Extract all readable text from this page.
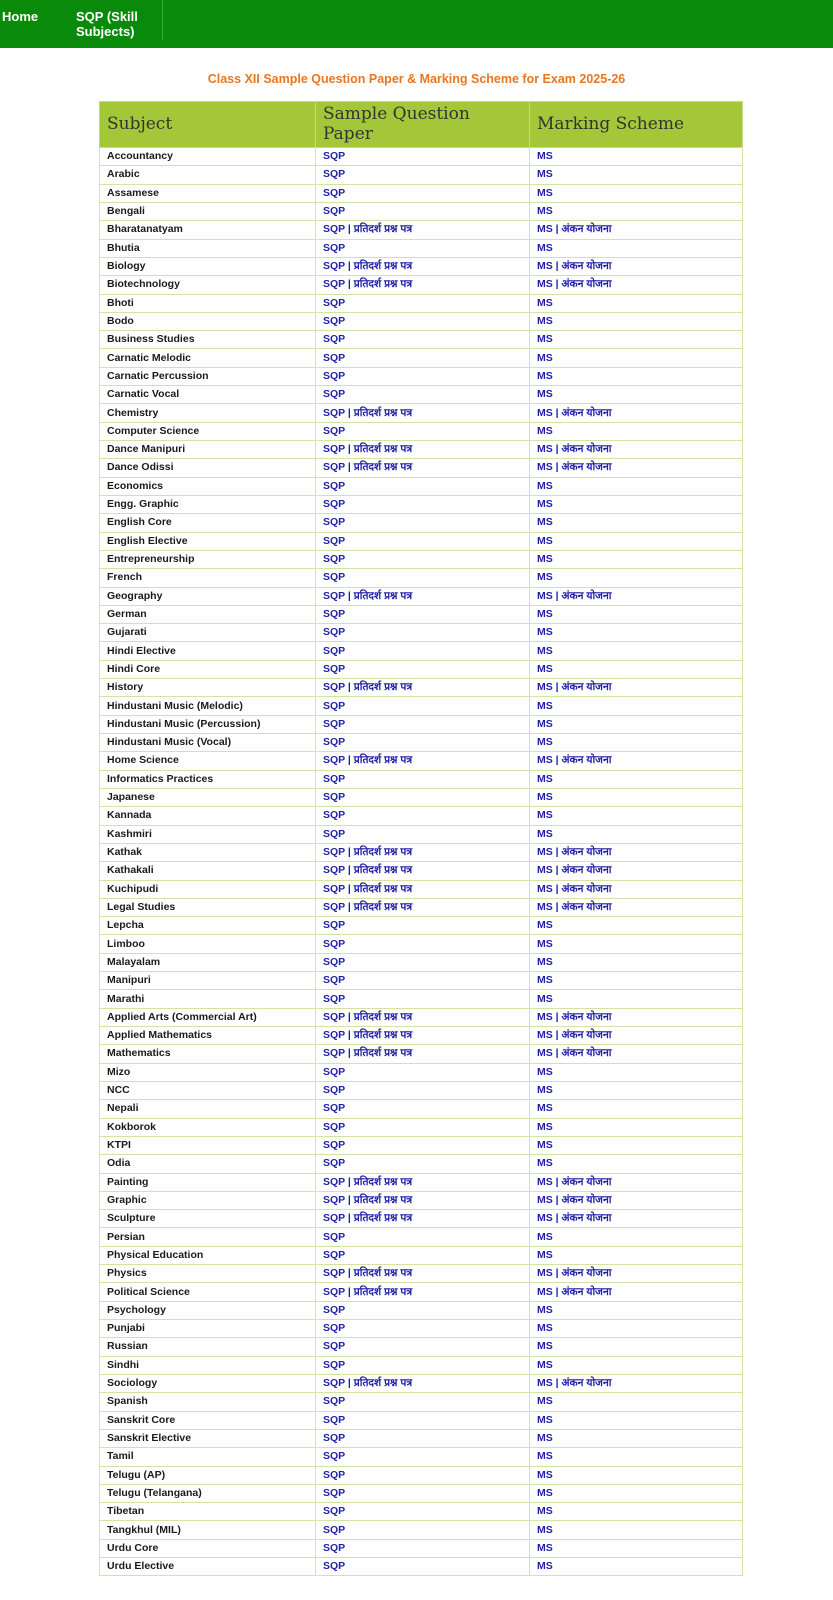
Home	SQP (Skill Subjects)
Class XII Sample Question Paper & Marking Scheme for Exam 2025-26
Subject	Sample Question Paper	Marking Scheme
Accountancy	SQP	MS
Arabic	SQP	MS
Assamese	SQP	MS
Bengali	SQP	MS
Bharatanatyam	SQP | प्रतिदर्श प्रश्न पत्र	MS | अंकन योजना
Bhutia	SQP	MS
Biology	SQP | प्रतिदर्श प्रश्न पत्र	MS | अंकन योजना
Biotechnology	SQP | प्रतिदर्श प्रश्न पत्र	MS | अंकन योजना
Bhoti	SQP	MS
Bodo	SQP	MS
Business Studies	SQP	MS
Carnatic Melodic	SQP	MS
Carnatic Percussion	SQP	MS
Carnatic Vocal	SQP	MS
Chemistry	SQP | प्रतिदर्श प्रश्न पत्र	MS | अंकन योजना
Computer Science	SQP	MS
Dance Manipuri	SQP | प्रतिदर्श प्रश्न पत्र	MS | अंकन योजना
Dance Odissi	SQP | प्रतिदर्श प्रश्न पत्र	MS | अंकन योजना
Economics	SQP	MS
Engg. Graphic	SQP	MS
English Core	SQP	MS
English Elective	SQP	MS
Entrepreneurship	SQP	MS
French	SQP	MS
Geography	SQP | प्रतिदर्श प्रश्न पत्र	MS | अंकन योजना
German	SQP	MS
Gujarati	SQP	MS
Hindi Elective	SQP	MS
Hindi Core	SQP	MS
History	SQP | प्रतिदर्श प्रश्न पत्र	MS | अंकन योजना
Hindustani Music (Melodic)	SQP	MS
Hindustani Music (Percussion)	SQP	MS
Hindustani Music (Vocal)	SQP	MS
Home Science	SQP | प्रतिदर्श प्रश्न पत्र	MS | अंकन योजना
Informatics Practices	SQP	MS
Japanese	SQP	MS
Kannada	SQP	MS
Kashmiri	SQP	MS
Kathak	SQP | प्रतिदर्श प्रश्न पत्र	MS | अंकन योजना
Kathakali	SQP | प्रतिदर्श प्रश्न पत्र	MS | अंकन योजना
Kuchipudi	SQP | प्रतिदर्श प्रश्न पत्र	MS | अंकन योजना
Legal Studies	SQP | प्रतिदर्श प्रश्न पत्र	MS | अंकन योजना
Lepcha	SQP	MS
Limboo	SQP	MS
Malayalam	SQP	MS
Manipuri	SQP	MS
Marathi	SQP	MS
Applied Arts (Commercial Art)	SQP | प्रतिदर्श प्रश्न पत्र	MS | अंकन योजना
Applied Mathematics	SQP | प्रतिदर्श प्रश्न पत्र	MS | अंकन योजना
Mathematics	SQP | प्रतिदर्श प्रश्न पत्र	MS | अंकन योजना
Mizo	SQP	MS
NCC	SQP	MS
Nepali	SQP	MS
Kokborok	SQP	MS
KTPI	SQP	MS
Odia	SQP	MS
Painting	SQP | प्रतिदर्श प्रश्न पत्र	MS | अंकन योजना
Graphic	SQP | प्रतिदर्श प्रश्न पत्र	MS | अंकन योजना
Sculpture	SQP | प्रतिदर्श प्रश्न पत्र	MS | अंकन योजना
Persian	SQP	MS
Physical Education	SQP	MS
Physics	SQP | प्रतिदर्श प्रश्न पत्र	MS | अंकन योजना
Political Science	SQP | प्रतिदर्श प्रश्न पत्र	MS | अंकन योजना
Psychology	SQP	MS
Punjabi	SQP	MS
Russian	SQP	MS
Sindhi	SQP	MS
Sociology	SQP | प्रतिदर्श प्रश्न पत्र	MS | अंकन योजना
Spanish	SQP	MS
Sanskrit Core	SQP	MS
Sanskrit Elective	SQP	MS
Tamil	SQP	MS
Telugu (AP)	SQP	MS
Telugu (Telangana)	SQP	MS
Tibetan	SQP	MS
Tangkhul (MIL)	SQP	MS
Urdu Core	SQP	MS
Urdu Elective	SQP	MS
